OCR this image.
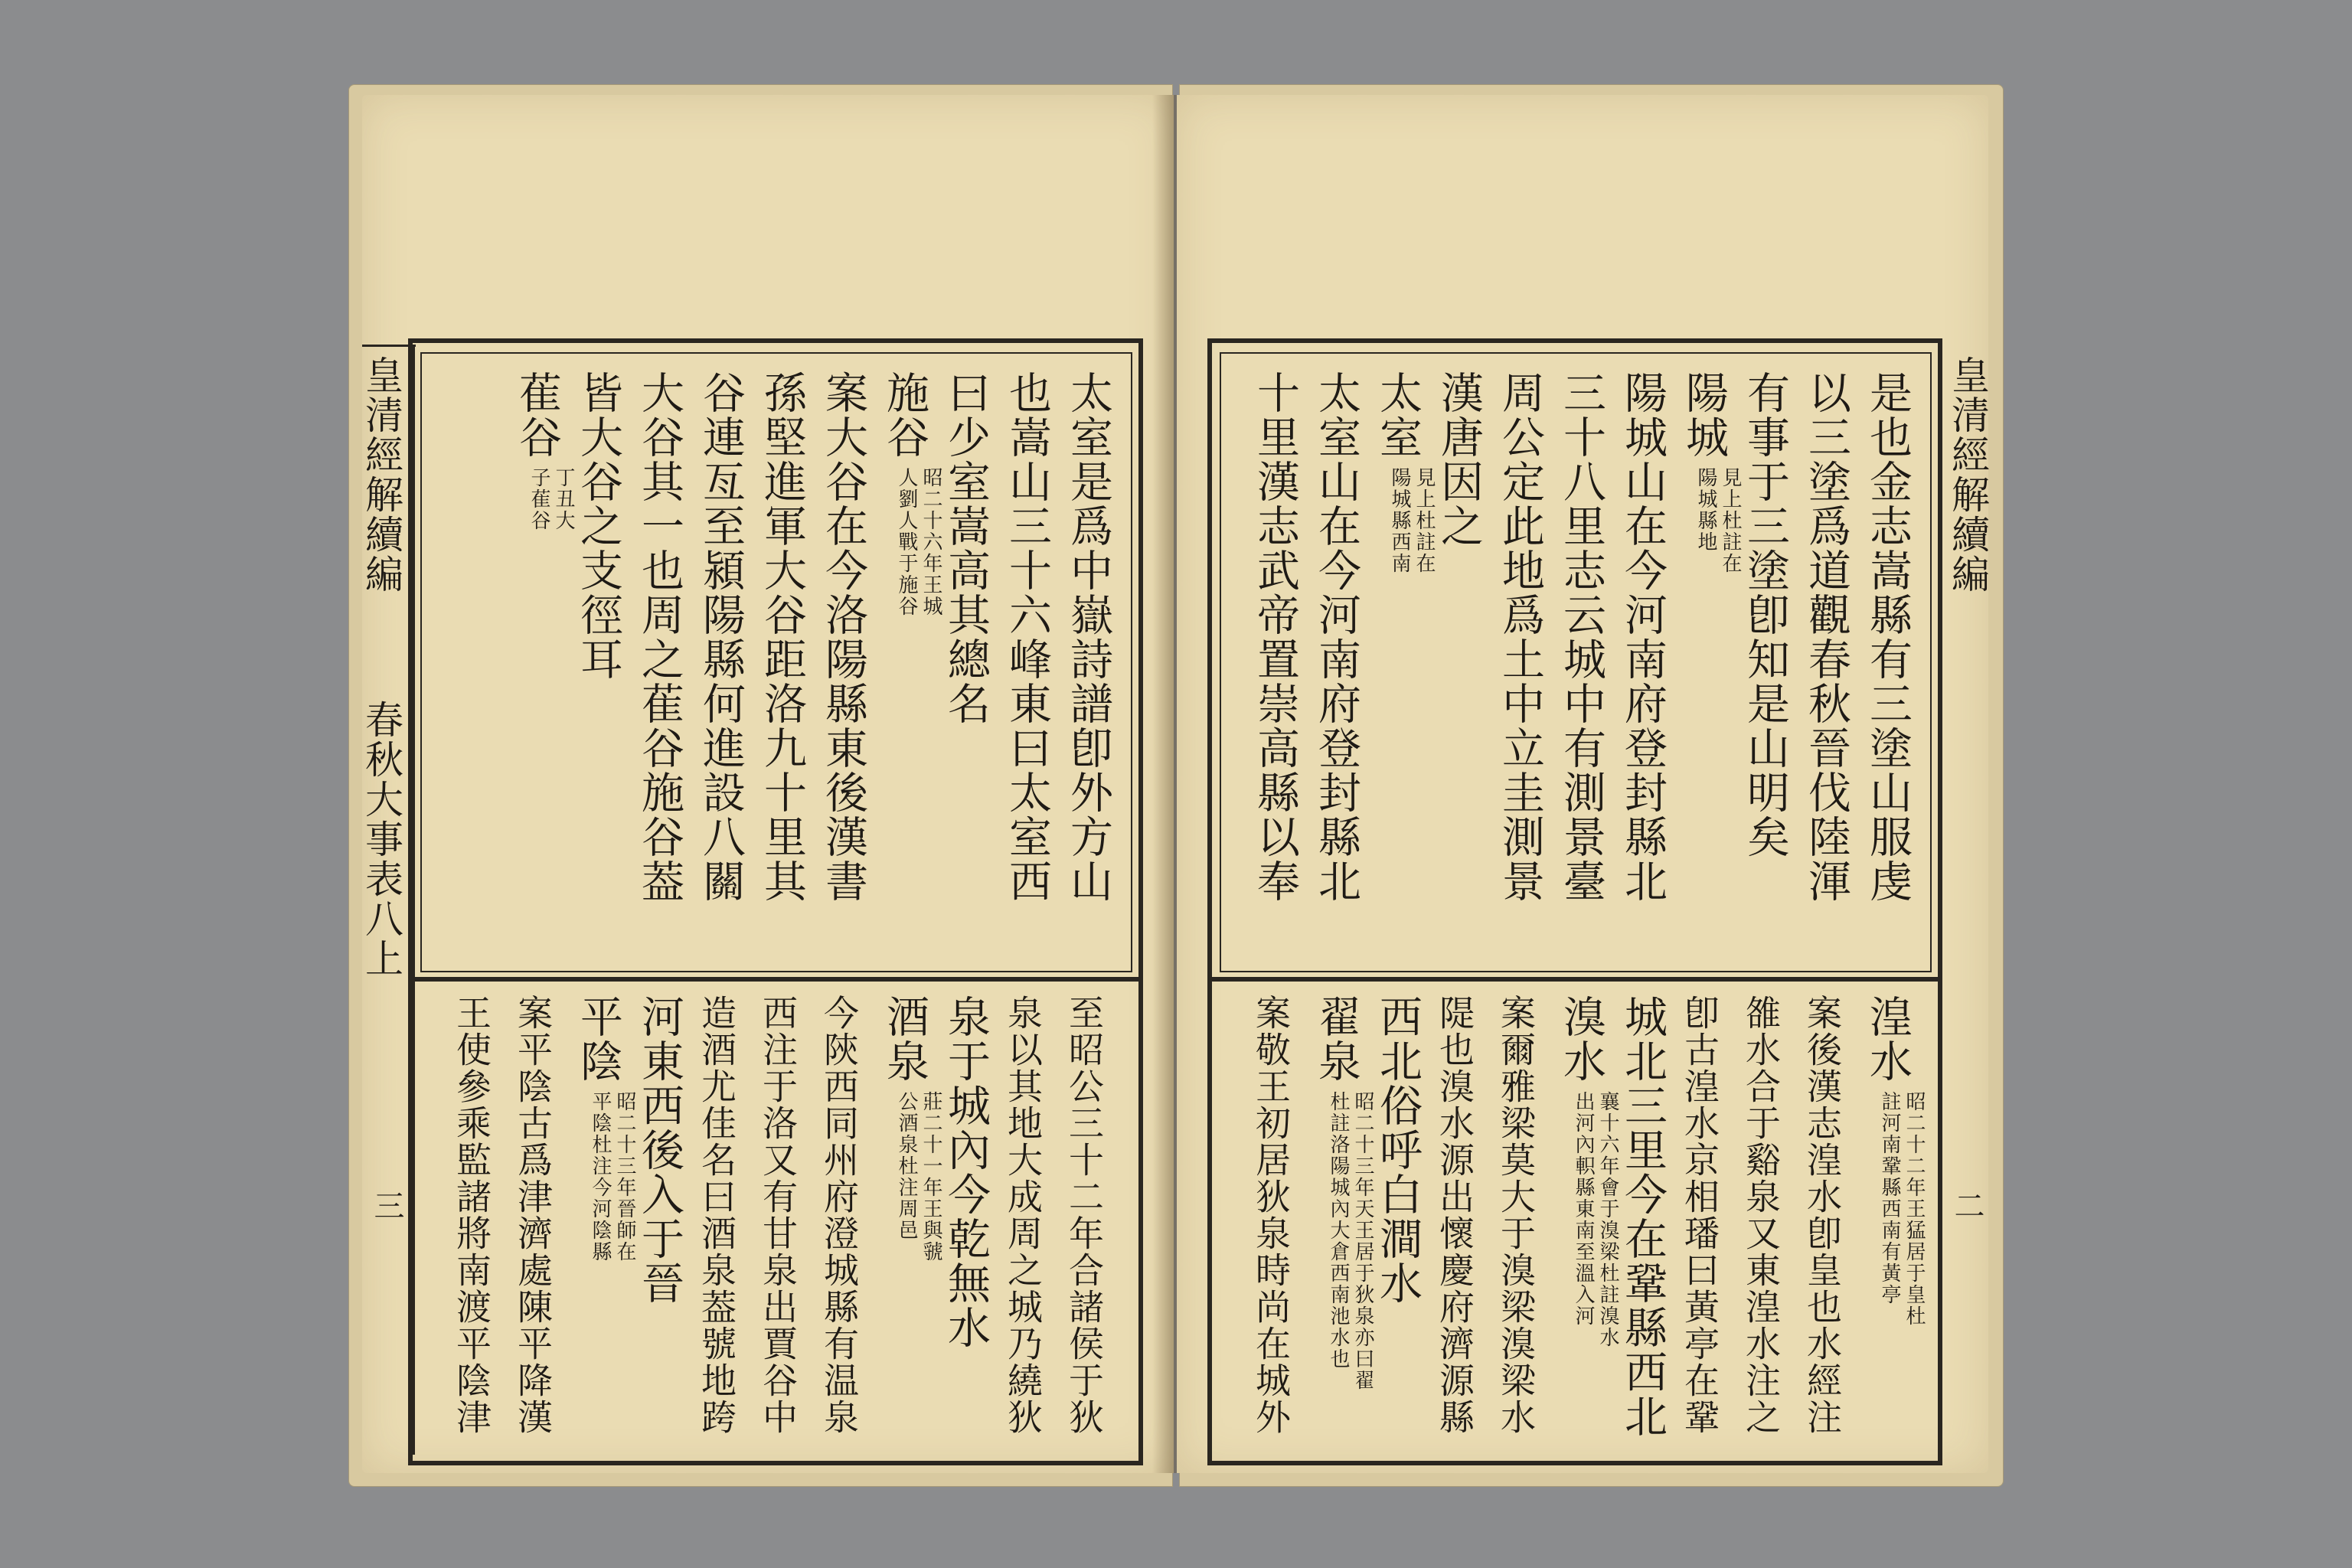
皇清經解續編
春秋大事表八上
三
太室是爲中嶽詩譜卽外方山
也嵩山三十六峰東曰太室西
曰少室嵩高其總名
施谷
昭二十六年王城
人劉人戰于施谷
案大谷在今洛陽縣東後漢書
孫堅進軍大谷距洛九十里其
谷連亙至潁陽縣何進設八關
大谷其一也周之萑谷施谷葢
皆大谷之支徑耳
萑谷
丁丑大
子萑谷
至昭公三十二年合諸侯于狄
泉以其地大成周之城乃繞狄
泉于城內今乾無水
酒泉
莊二十一年王與虢
公酒泉杜注周邑
今陝西同州府澄城縣有温泉
西注于洛又有甘泉出賈谷中
造酒尤佳名曰酒泉葢號地跨
河東西後入于晉
平陰
昭二十三年晉師在
平陰杜注今河陰縣
案平陰古爲津濟處陳平降漢
王使參乘監諸將南渡平陰津
皇清經解續編
二
是也金志嵩縣有三塗山服虔
以三塗爲道觀春秋晉伐陸渾
有事于三塗卽知是山明矣
陽城
見上杜註在
陽城縣地
陽城山在今河南府登封縣北
三十八里志云城中有測景臺
周公定此地爲土中立圭測景
漢唐因之
太室
見上杜註在
陽城縣西南
太室山在今河南府登封縣北
十里漢志武帝置崇高縣以奉
湟水
昭二十二年王猛居于皇杜
註河南鞏縣西南有黃亭
案後漢志湟水卽皇也水經注
雒水合于谿泉又東湟水注之
卽古湟水京相璠曰黃亭在鞏
城北三里今在鞏縣西北
溴水
襄十六年會于溴梁杜註溴水
出河內軹縣東南至溫入河
案爾雅梁莫大于溴梁溴梁水
隄也溴水源出懷慶府濟源縣
西北俗呼白澗水
翟泉
昭二十三年天王居于狄泉亦曰翟
杜註洛陽城內大倉西南池水也
案敬王初居狄泉時尚在城外
